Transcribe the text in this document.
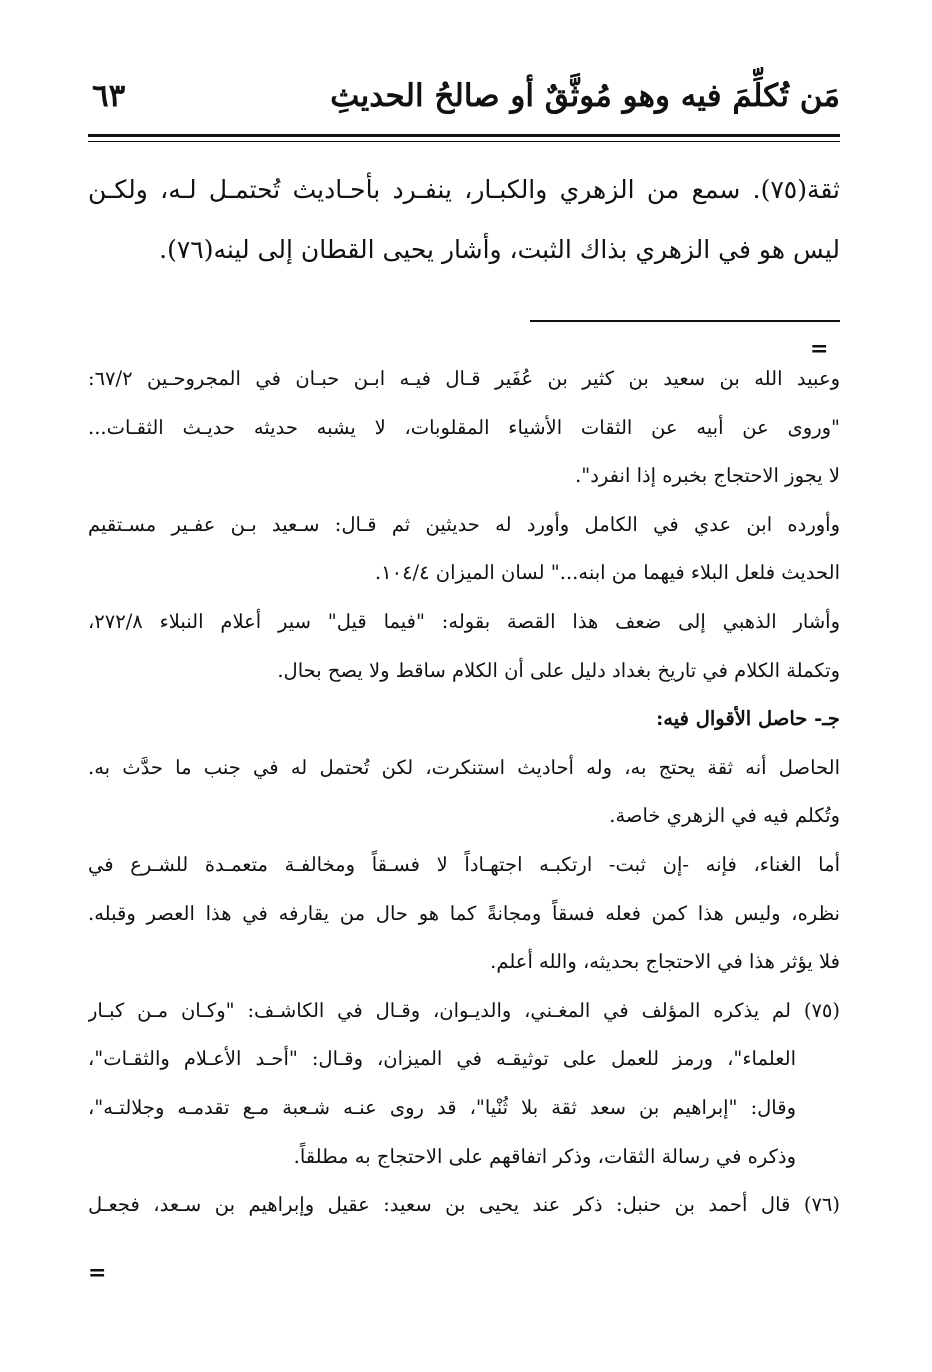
مَن تُكلِّمَ فيه وهو مُوثَّقٌ أو صالحُ الحديثِ
٦٣
ثقة(٧٥). سمع من الزهري والكبـار، ينفـرد بأحـاديث تُحتمـل لـه، ولكـن
ليس هو في الزهري بذاك الثبت، وأشار يحيى القطان إلى لينه(٧٦).
=
وعبيد الله بن سعيد بن كثير بن عُفَير قـال فيـه ابـن حبـان في المجروحـين ٦٧/٢:
"وروى عن أبيه عن الثقات الأشياء المقلوبات، لا يشبه حديثه حديـث الثقـات...
لا يجوز الاحتجاج بخبره إذا انفرد".
وأورده ابن عدي في الكامل وأورد له حديثين ثم قـال: سـعيد بـن عفـير مسـتقيم
الحديث فلعل البلاء فيهما من ابنه..." لسان الميزان ١٠٤/٤.
وأشار الذهبي إلى ضعف هذا القصة بقوله: "فيما قيل" سير أعلام النبلاء ٢٧٢/٨،
وتكملة الكلام في تاريخ بغداد دليل على أن الكلام ساقط ولا يصح بحال.
جـ- حاصل الأقوال فيه:
الحاصل أنه ثقة يحتج به، وله أحاديث استنكرت، لكن تُحتمل له في جنب ما حدَّث به.
وتُكلم فيه في الزهري خاصة.
أما الغناء، فإنه -إن ثبت- ارتكبـه اجتهـاداً لا فسـقاً ومخالفـة متعمـدة للشـرع في
نظره، وليس هذا كمن فعله فسقاً ومجانةً كما هو حال من يقارفه في هذا العصر وقبله.
فلا يؤثر هذا في الاحتجاج بحديثه، والله أعلم.
(٧٥) لم يذكره المؤلف في المغـني، والديـوان، وقـال في الكاشـف: "وكـان مـن كبـار
العلماء"، ورمز للعمل على توثيقـه في الميزان، وقـال: "أحـد الأعـلام والثقـات"،
وقال: "إبراهيم بن سعد ثقة بلا ثُنْيا"، قد روى عنـه شـعبة مـع تقدمـه وجلالتـه"،
وذكره في رسالة الثقات، وذكر اتفاقهم على الاحتجاج به مطلقاً.
(٧٦) قال أحمد بن حنبل: ذكر عند يحيى بن سعيد: عقيل وإبراهيم بن سـعد، فجعـل
=
